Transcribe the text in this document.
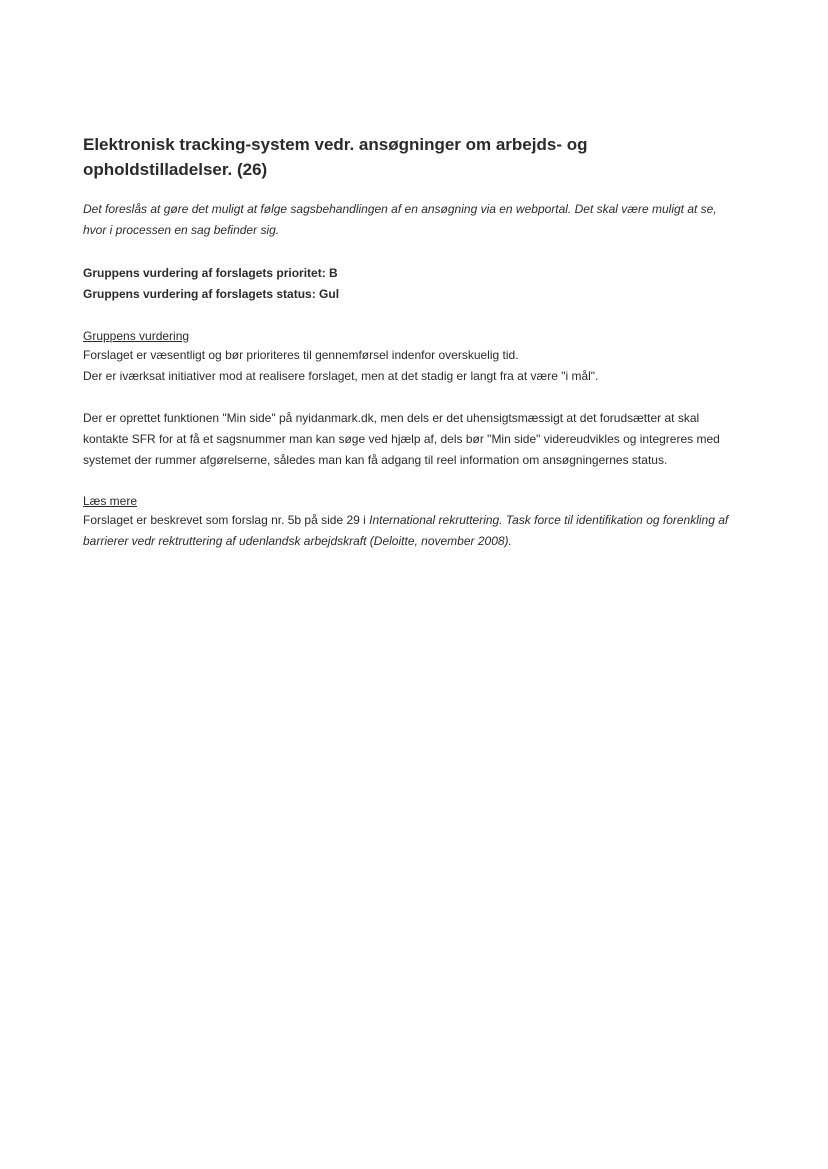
Elektronisk tracking-system vedr. ansøgninger om arbejds- og opholdstilladelser. (26)

Det foreslås at gøre det muligt at følge sagsbehandlingen af en ansøgning via en webportal. Det skal være muligt at se, hvor i processen en sag befinder sig.

Gruppens vurdering af forslagets prioritet: B
Gruppens vurdering af forslagets status: Gul

Gruppens vurdering

Forslaget er væsentligt og bør prioriteres til gennemførsel indenfor overskuelig tid.

Der er iværksat initiativer mod at realisere forslaget, men at det stadig er langt fra at være "i mål".

Der er oprettet funktionen "Min side" på nyidanmark.dk, men dels er det uhensigtsmæssigt at det forudsætter at skal kontakte SFR for at få et sagsnummer man kan søge ved hjælp af, dels bør "Min side" videreudvikles og integreres med systemet der rummer afgørelserne, således man kan få adgang til reel information om ansøgningernes status.

Læs mere

Forslaget er beskrevet som forslag nr. 5b på side 29 i International rekruttering. Task force til identifikation og forenkling af barrierer vedr rektruttering af udenlandsk arbejdskraft (Deloitte, november 2008).
